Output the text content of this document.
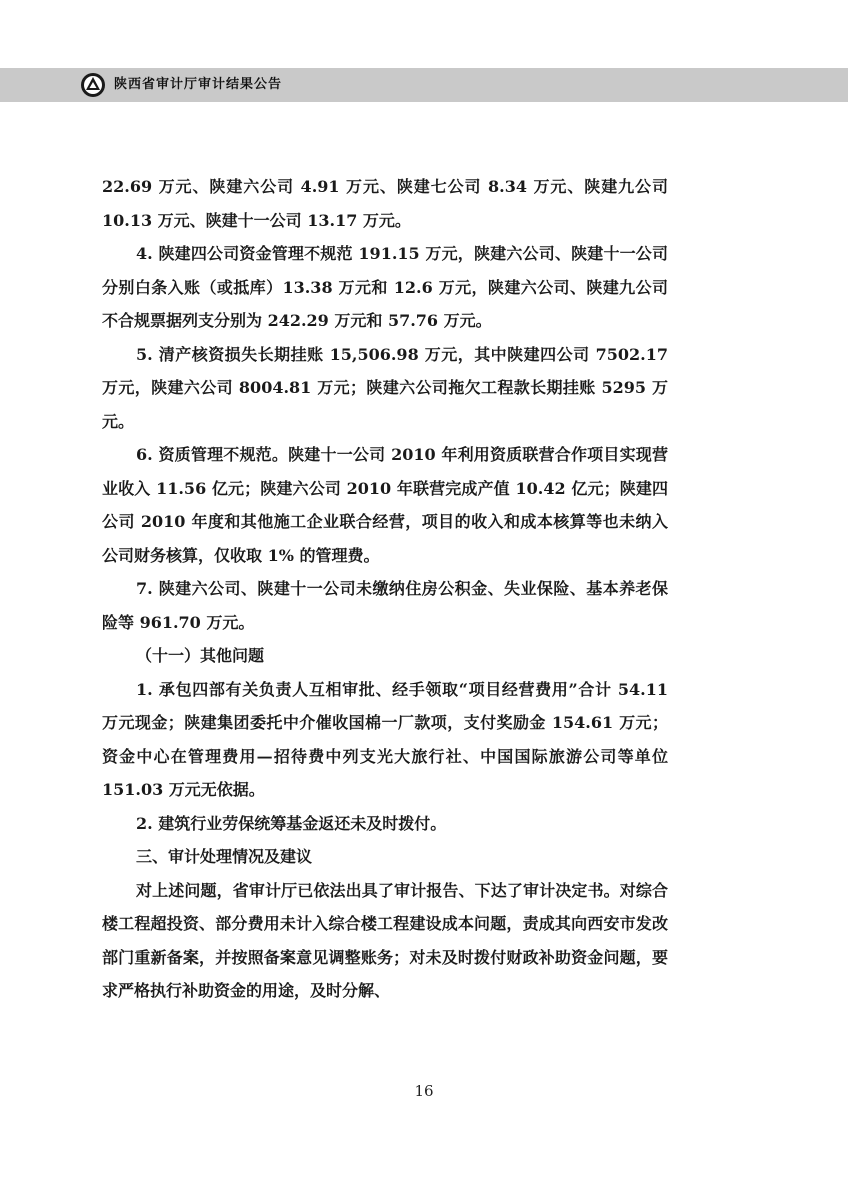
陕西省审计厅审计结果公告

22.69 万元、陕建六公司 4.91 万元、陕建七公司 8.34 万元、陕建九公司 10.13 万元、陕建十一公司 13.17 万元。

4. 陕建四公司资金管理不规范 191.15 万元，陕建六公司、陕建十一公司分别白条入账（或抵库）13.38 万元和 12.6 万元，陕建六公司、陕建九公司不合规票据列支分别为 242.29 万元和 57.76 万元。

5. 清产核资损失长期挂账 15,506.98 万元，其中陕建四公司 7502.17 万元，陕建六公司 8004.81 万元；陕建六公司拖欠工程款长期挂账 5295 万元。

6. 资质管理不规范。陕建十一公司 2010 年利用资质联营合作项目实现营业收入 11.56 亿元；陕建六公司 2010 年联营完成产值 10.42 亿元；陕建四公司 2010 年度和其他施工企业联合经营，项目的收入和成本核算等也未纳入公司财务核算，仅收取 1% 的管理费。

7. 陕建六公司、陕建十一公司未缴纳住房公积金、失业保险、基本养老保险等 961.70 万元。

（十一）其他问题

1. 承包四部有关负责人互相审批、经手领取“项目经营费用”合计 54.11 万元现金；陕建集团委托中介催收国棉一厂款项，支付奖励金 154.61 万元；资金中心在管理费用—招待费中列支光大旅行社、中国国际旅游公司等单位 151.03 万元无依据。

2. 建筑行业劳保统筹基金返还未及时拨付。

三、审计处理情况及建议

对上述问题，省审计厅已依法出具了审计报告、下达了审计决定书。对综合楼工程超投资、部分费用未计入综合楼工程建设成本问题，责成其向西安市发改部门重新备案，并按照备案意见调整账务；对未及时拨付财政补助资金问题，要求严格执行补助资金的用途，及时分解、

16
